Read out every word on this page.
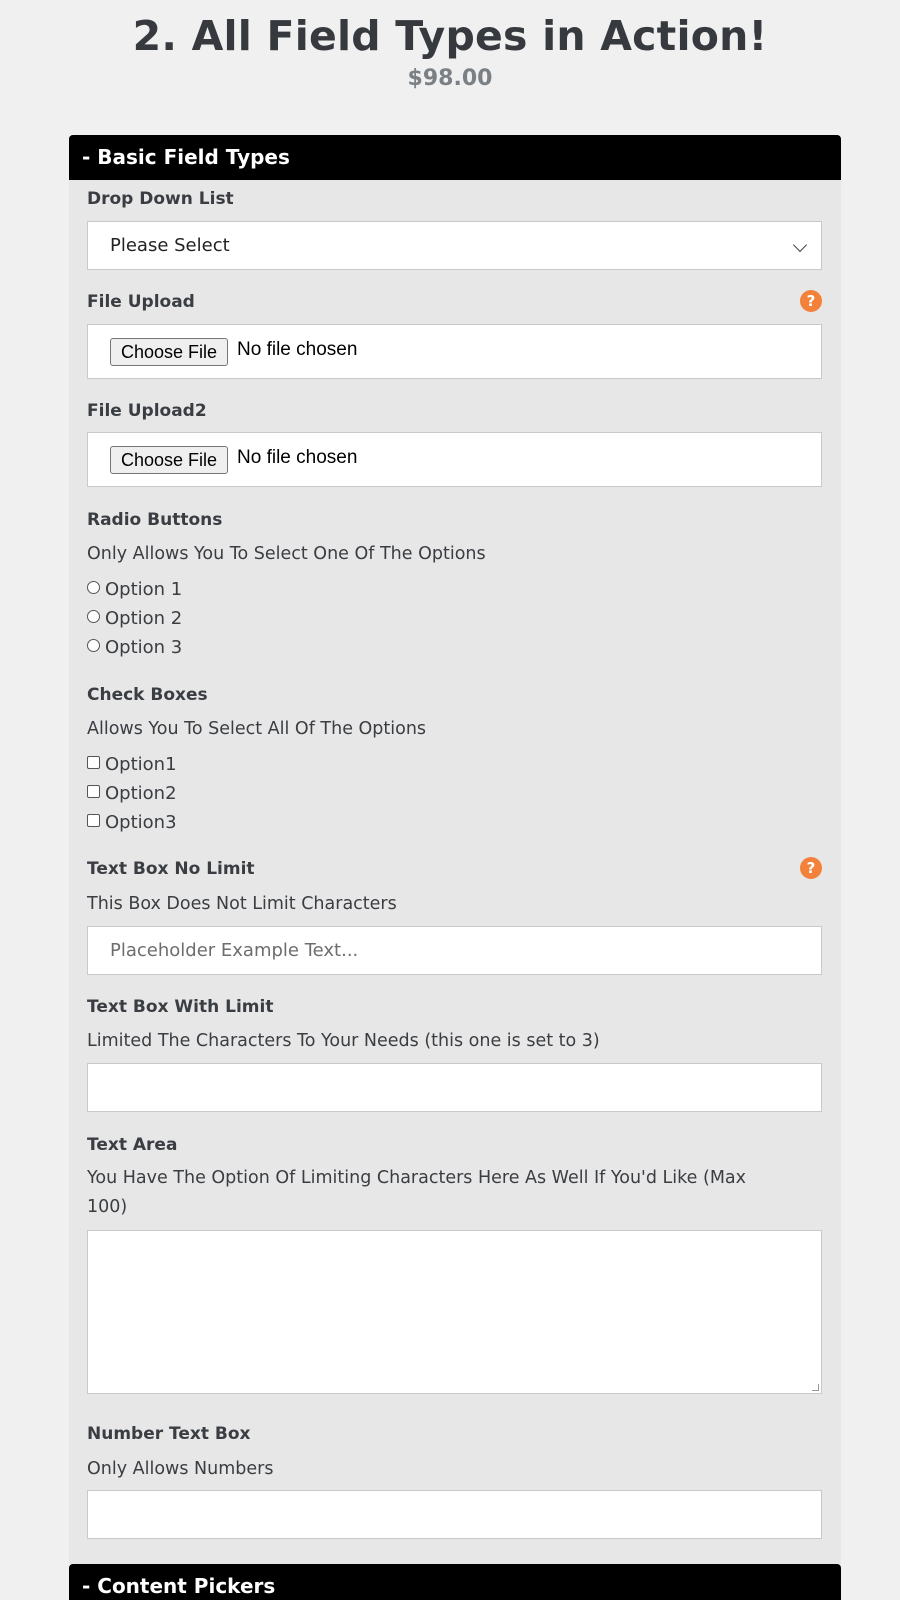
2. All Field Types in Action!
$98.00
- Basic Field Types
Drop Down List
Please Select
File Upload	?
Choose File	No file chosen
File Upload2
Choose File	No file chosen
Radio Buttons
Only Allows You To Select One Of The Options
Option 1
Option 2
Option 3
Check Boxes
Allows You To Select All Of The Options
Option1
Option2
Option3
Text Box No Limit	?
This Box Does Not Limit Characters
Placeholder Example Text...
Text Box With Limit
Limited The Characters To Your Needs (this one is set to 3)
Text Area
You Have The Option Of Limiting Characters Here As Well If You'd Like (Max
100)
Number Text Box
Only Allows Numbers
- Content Pickers
